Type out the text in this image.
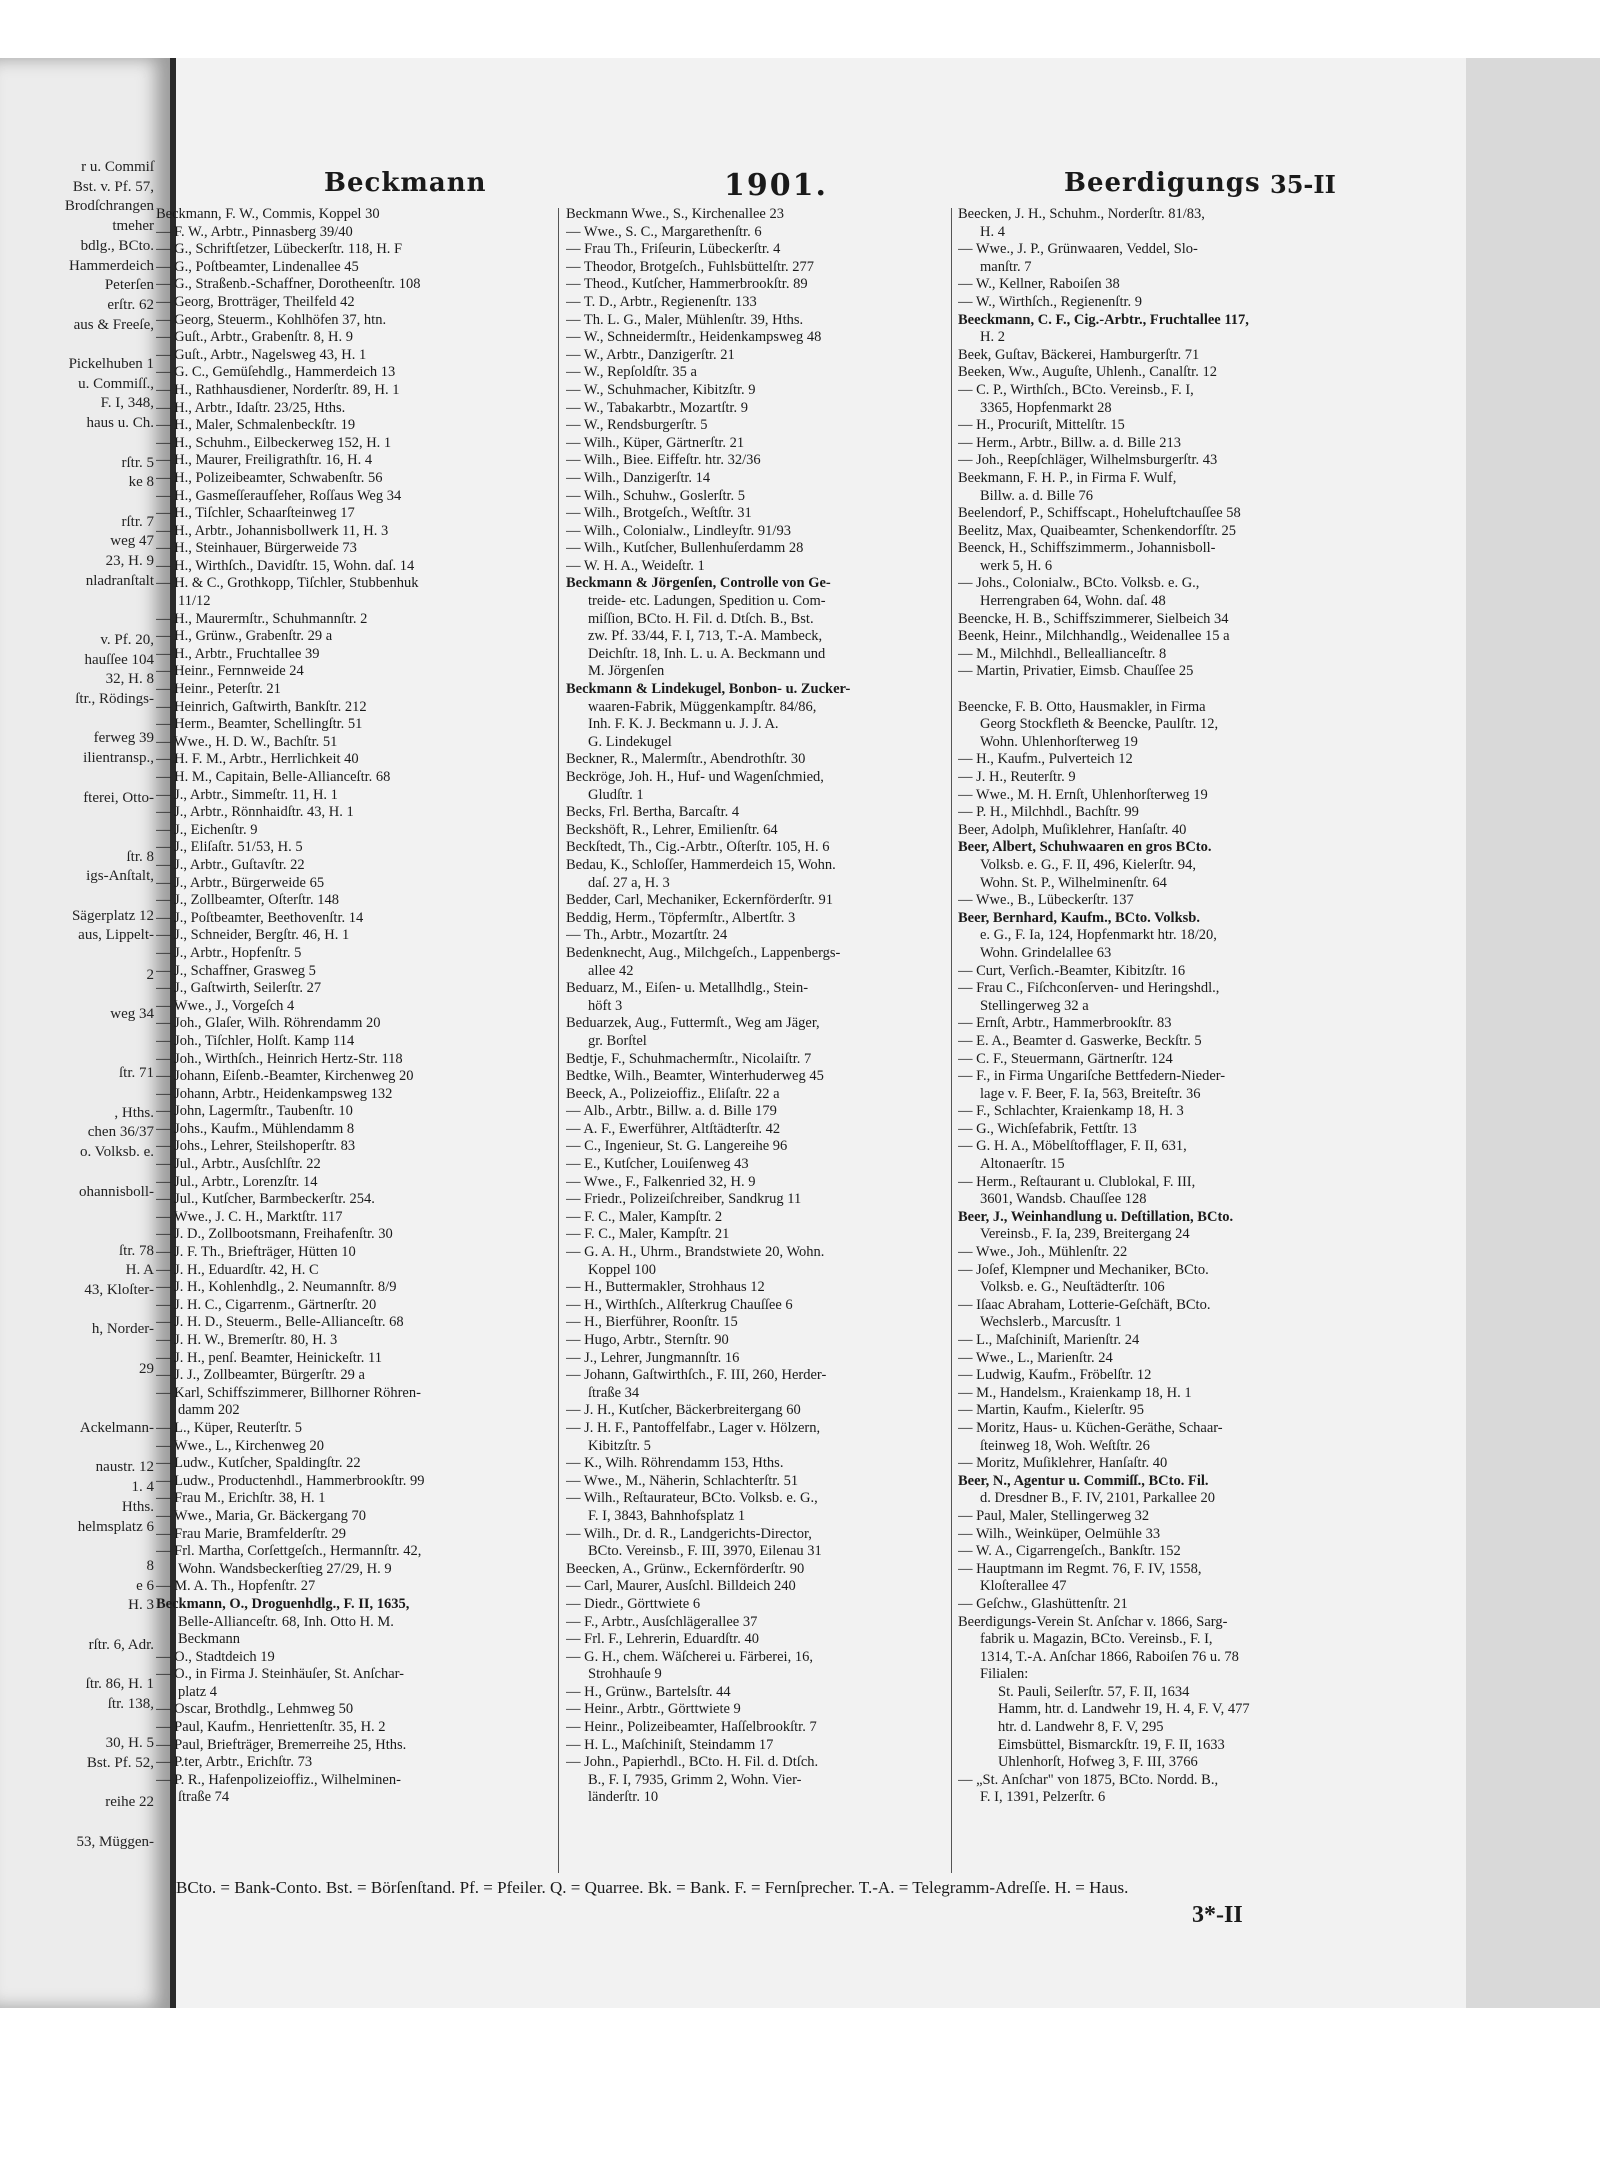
r u. Commiſ
Bst. v. Pf. 57,
Brodſchrangen
tmeher
bdlg., BCto.
Hammerdeich
Peterſen
erſtr. 62
aus & Freeſe,

Pickelhuben 1
u. Commiſſ.,
F. I, 348,
haus u. Ch.

rſtr. 5
ke 8

rſtr. 7
weg 47
23, H. 9
nladranſtalt

v. Pf. 20,
hauſſee 104
32, H. 8
ſtr., Rödings-

ferweg 39
ilientransp.,

fterei, Otto-

ſtr. 8
igs-Anſtalt,

Sägerplatz 12
aus, Lippelt-

2

weg 34

ſtr. 71

, Hths.
chen 36/37
o. Volksb. e.

ohannisboll-

ſtr. 78
H. A
43, Kloſter-

h, Norder-

29

Ackelmann-

naustr. 12
1. 4
Hths.
helmsplatz 6

8
e 6
H. 3

rſtr. 6, Adr.

ſtr. 86, H. 1
ſtr. 138,

30, H. 5
Bst. Pf. 52,

reihe 22

53, Müggen-
Beckmann	1901.	Beerdigungs 35-II
Beckmann, F. W., Commis, Koppel 30
— F. W., Arbtr., Pinnasberg 39/40
— G., Schriftſetzer, Lübeckerſtr. 118, H. F
— G., Poſtbeamter, Lindenallee 45
— G., Straßenb.-Schaffner, Dorotheenſtr. 108
— Georg, Brotträger, Theilfeld 42
— Georg, Steuerm., Kohlhöfen 37, htn.
— Guſt., Arbtr., Grabenſtr. 8, H. 9
— Guſt., Arbtr., Nagelsweg 43, H. 1
— G. C., Gemüſehdlg., Hammerdeich 13
— H., Rathhausdiener, Norderſtr. 89, H. 1
— H., Arbtr., Idaſtr. 23/25, Hths.
— H., Maler, Schmalenbeckſtr. 19
— H., Schuhm., Eilbeckerweg 152, H. 1
— H., Maurer, Freiligrathſtr. 16, H. 4
— H., Polizeibeamter, Schwabenſtr. 56
— H., Gasmeſſeraufſeher, Roſſaus Weg 34
— H., Tiſchler, Schaarſteinweg 17
— H., Arbtr., Johannisbollwerk 11, H. 3
— H., Steinhauer, Bürgerweide 73
— H., Wirthſch., Davidſtr. 15, Wohn. daſ. 14
— H. & C., Grothkopp, Tiſchler, Stubbenhuk
11/12
— H., Maurermſtr., Schuhmannſtr. 2
— H., Grünw., Grabenſtr. 29 a
— H., Arbtr., Fruchtallee 39
— Heinr., Fernnweide 24
— Heinr., Peterſtr. 21
— Heinrich, Gaſtwirth, Bankſtr. 212
— Herm., Beamter, Schellingſtr. 51
— Wwe., H. D. W., Bachſtr. 51
— H. F. M., Arbtr., Herrlichkeit 40
— H. M., Capitain, Belle-Allianceſtr. 68
— J., Arbtr., Simmeſtr. 11, H. 1
— J., Arbtr., Rönnhaidſtr. 43, H. 1
— J., Eichenſtr. 9
— J., Eliſaſtr. 51/53, H. 5
— J., Arbtr., Guſtavſtr. 22
— J., Arbtr., Bürgerweide 65
— J., Zollbeamter, Oſterſtr. 148
— J., Poſtbeamter, Beethovenſtr. 14
— J., Schneider, Bergſtr. 46, H. 1
— J., Arbtr., Hopfenſtr. 5
— J., Schaffner, Grasweg 5
— J., Gaſtwirth, Seilerſtr. 27
— Wwe., J., Vorgeſch 4
— Joh., Glaſer, Wilh. Röhrendamm 20
— Joh., Tiſchler, Holſt. Kamp 114
— Joh., Wirthſch., Heinrich Hertz-Str. 118
— Johann, Eiſenb.-Beamter, Kirchenweg 20
— Johann, Arbtr., Heidenkampsweg 132
— John, Lagermſtr., Taubenſtr. 10
— Johs., Kaufm., Mühlendamm 8
— Johs., Lehrer, Steilshoperſtr. 83
— Jul., Arbtr., Ausſchlſtr. 22
— Jul., Arbtr., Lorenzſtr. 14
— Jul., Kutſcher, Barmbeckerſtr. 254.
— Wwe., J. C. H., Marktſtr. 117
— J. D., Zollbootsmann, Freihafenſtr. 30
— J. F. Th., Briefträger, Hütten 10
— J. H., Eduardſtr. 42, H. C
— J. H., Kohlenhdlg., 2. Neumannſtr. 8/9
— J. H. C., Cigarrenm., Gärtnerſtr. 20
— J. H. D., Steuerm., Belle-Allianceſtr. 68
— J. H. W., Bremerſtr. 80, H. 3
— J. H., penſ. Beamter, Heinickeſtr. 11
— J. J., Zollbeamter, Bürgerſtr. 29 a
— Karl, Schiffszimmerer, Billhorner Röhren-
damm 202
— L., Küper, Reuterſtr. 5
— Wwe., L., Kirchenweg 20
— Ludw., Kutſcher, Spaldingſtr. 22
— Ludw., Productenhdl., Hammerbrookſtr. 99
— Frau M., Erichſtr. 38, H. 1
— Wwe., Maria, Gr. Bäckergang 70
— Frau Marie, Bramfelderſtr. 29
— Frl. Martha, Corſettgeſch., Hermannſtr. 42,
Wohn. Wandsbeckerſtieg 27/29, H. 9
— M. A. Th., Hopfenſtr. 27
Beckmann, O., Droguenhdlg., F. II, 1635,
Belle-Allianceſtr. 68, Inh. Otto H. M.
Beckmann
— O., Stadtdeich 19
— O., in Firma J. Steinhäuſer, St. Anſchar-
platz 4
— Oscar, Brothdlg., Lehmweg 50
— Paul, Kaufm., Henriettenſtr. 35, H. 2
— Paul, Briefträger, Bremerreihe 25, Hths.
— P.ter, Arbtr., Erichſtr. 73
— P. R., Hafenpolizeioffiz., Wilhelminen-
ſtraße 74
Beckmann Wwe., S., Kirchenallee 23
— Wwe., S. C., Margarethenſtr. 6
— Frau Th., Friſeurin, Lübeckerſtr. 4
— Theodor, Brotgeſch., Fuhlsbüttelſtr. 277
— Theod., Kutſcher, Hammerbrookſtr. 89
— T. D., Arbtr., Regienenſtr. 133
— Th. L. G., Maler, Mühlenſtr. 39, Hths.
— W., Schneidermſtr., Heidenkampsweg 48
— W., Arbtr., Danzigerſtr. 21
— W., Repſoldſtr. 35 a
— W., Schuhmacher, Kibitzſtr. 9
— W., Tabakarbtr., Mozartſtr. 9
— W., Rendsburgerſtr. 5
— Wilh., Küper, Gärtnerſtr. 21
— Wilh., Biee. Eiffeſtr. htr. 32/36
— Wilh., Danzigerſtr. 14
— Wilh., Schuhw., Goslerſtr. 5
— Wilh., Brotgeſch., Weſtſtr. 31
— Wilh., Colonialw., Lindleyſtr. 91/93
— Wilh., Kutſcher, Bullenhuſerdamm 28
— W. H. A., Weideſtr. 1
Beckmann & Jörgenſen, Controlle von Ge-
treide- etc. Ladungen, Spedition u. Com-
miſſion, BCto. H. Fil. d. Dtſch. B., Bst.
zw. Pf. 33/44, F. I, 713, T.-A. Mambeck,
Deichſtr. 18, Inh. L. u. A. Beckmann und
M. Jörgenſen
Beckmann & Lindekugel, Bonbon- u. Zucker-
waaren-Fabrik, Müggenkampſtr. 84/86,
Inh. F. K. J. Beckmann u. J. J. A.
G. Lindekugel
Beckner, R., Malermſtr., Abendrothſtr. 30
Beckröge, Joh. H., Huf- und Wagenſchmied,
Gludſtr. 1
Becks, Frl. Bertha, Barcaſtr. 4
Beckshöft, R., Lehrer, Emilienſtr. 64
Beckſtedt, Th., Cig.-Arbtr., Oſterſtr. 105, H. 6
Bedau, K., Schloſſer, Hammerdeich 15, Wohn.
daſ. 27 a, H. 3
Bedder, Carl, Mechaniker, Eckernförderſtr. 91
Beddig, Herm., Töpfermſtr., Albertſtr. 3
— Th., Arbtr., Mozartſtr. 24
Bedenknecht, Aug., Milchgeſch., Lappenbergs-
allee 42
Beduarz, M., Eiſen- u. Metallhdlg., Stein-
höft 3
Beduarzek, Aug., Futtermſt., Weg am Jäger,
gr. Borſtel
Bedtje, F., Schuhmachermſtr., Nicolaiſtr. 7
Bedtke, Wilh., Beamter, Winterhuderweg 45
Beeck, A., Polizeioffiz., Eliſaſtr. 22 a
— Alb., Arbtr., Billw. a. d. Bille 179
— A. F., Ewerführer, Altſtädterſtr. 42
— C., Ingenieur, St. G. Langereihe 96
— E., Kutſcher, Louiſenweg 43
— Wwe., F., Falkenried 32, H. 9
— Friedr., Polizeiſchreiber, Sandkrug 11
— F. C., Maler, Kampſtr. 2
— F. C., Maler, Kampſtr. 21
— G. A. H., Uhrm., Brandstwiete 20, Wohn.
Koppel 100
— H., Buttermakler, Strohhaus 12
— H., Wirthſch., Alſterkrug Chauſſee 6
— H., Bierführer, Roonſtr. 15
— Hugo, Arbtr., Sternſtr. 90
— J., Lehrer, Jungmannſtr. 16
— Johann, Gaſtwirthſch., F. III, 260, Herder-
ſtraße 34
— J. H., Kutſcher, Bäckerbreitergang 60
— J. H. F., Pantoffelfabr., Lager v. Hölzern,
Kibitzſtr. 5
— K., Wilh. Röhrendamm 153, Hths.
— Wwe., M., Näherin, Schlachterſtr. 51
— Wilh., Reſtaurateur, BCto. Volksb. e. G.,
F. I, 3843, Bahnhofsplatz 1
— Wilh., Dr. d. R., Landgerichts-Director,
BCto. Vereinsb., F. III, 3970, Eilenau 31
Beecken, A., Grünw., Eckernförderſtr. 90
— Carl, Maurer, Ausſchl. Billdeich 240
— Diedr., Görttwiete 6
— F., Arbtr., Ausſchlägerallee 37
— Frl. F., Lehrerin, Eduardſtr. 40
— G. H., chem. Wäſcherei u. Färberei, 16,
Strohhauſe 9
— H., Grünw., Bartelsſtr. 44
— Heinr., Arbtr., Görttwiete 9
— Heinr., Polizeibeamter, Haſſelbrookſtr. 7
— H. L., Maſchiniſt, Steindamm 17
— John., Papierhdl., BCto. H. Fil. d. Dtſch.
B., F. I, 7935, Grimm 2, Wohn. Vier-
länderſtr. 10
Beecken, J. H., Schuhm., Norderſtr. 81/83,
H. 4
— Wwe., J. P., Grünwaaren, Veddel, Slo-
manſtr. 7
— W., Kellner, Raboiſen 38
— W., Wirthſch., Regienenſtr. 9
Beeckmann, C. F., Cig.-Arbtr., Fruchtallee 117,
H. 2
Beek, Guſtav, Bäckerei, Hamburgerſtr. 71
Beeken, Ww., Auguſte, Uhlenh., Canalſtr. 12
— C. P., Wirthſch., BCto. Vereinsb., F. I,
3365, Hopfenmarkt 28
— H., Procuriſt, Mittelſtr. 15
— Herm., Arbtr., Billw. a. d. Bille 213
— Joh., Reepſchläger, Wilhelmsburgerſtr. 43
Beekmann, F. H. P., in Firma F. Wulf,
Billw. a. d. Bille 76
Beelendorf, P., Schiffscapt., Hoheluftchauſſee 58
Beelitz, Max, Quaibeamter, Schenkendorfſtr. 25
Beenck, H., Schiffszimmerm., Johannisboll-
werk 5, H. 6
— Johs., Colonialw., BCto. Volksb. e. G.,
Herrengraben 64, Wohn. daſ. 48
Beencke, H. B., Schiffszimmerer, Sielbeich 34
Beenk, Heinr., Milchhandlg., Weidenallee 15 a
— M., Milchhdl., Belleallianceſtr. 8
— Martin, Privatier, Eimsb. Chauſſee 25

Beencke, F. B. Otto, Hausmakler, in Firma
Georg Stockfleth & Beencke, Paulſtr. 12,
Wohn. Uhlenhorſterweg 19
— H., Kaufm., Pulverteich 12
— J. H., Reuterſtr. 9
— Wwe., M. H. Ernſt, Uhlenhorſterweg 19
— P. H., Milchhdl., Bachſtr. 99
Beer, Adolph, Muſiklehrer, Hanſaſtr. 40
Beer, Albert, Schuhwaaren en gros BCto.
Volksb. e. G., F. II, 496, Kielerſtr. 94,
Wohn. St. P., Wilhelminenſtr. 64
— Wwe., B., Lübeckerſtr. 137
Beer, Bernhard, Kaufm., BCto. Volksb.
e. G., F. Ia, 124, Hopfenmarkt htr. 18/20,
Wohn. Grindelallee 63
— Curt, Verſich.-Beamter, Kibitzſtr. 16
— Frau C., Fiſchconſerven- und Heringshdl.,
Stellingerweg 32 a
— Ernſt, Arbtr., Hammerbrookſtr. 83
— E. A., Beamter d. Gaswerke, Beckſtr. 5
— C. F., Steuermann, Gärtnerſtr. 124
— F., in Firma Ungariſche Bettfedern-Nieder-
lage v. F. Beer, F. Ia, 563, Breiteſtr. 36
— F., Schlachter, Kraienkamp 18, H. 3
— G., Wichſefabrik, Fettſtr. 13
— G. H. A., Möbelſtofflager, F. II, 631,
Altonaerſtr. 15
— Herm., Reſtaurant u. Clublokal, F. III,
3601, Wandsb. Chauſſee 128
Beer, J., Weinhandlung u. Deſtillation, BCto.
Vereinsb., F. Ia, 239, Breitergang 24
— Wwe., Joh., Mühlenſtr. 22
— Joſef, Klempner und Mechaniker, BCto.
Volksb. e. G., Neuſtädterſtr. 106
— Iſaac Abraham, Lotterie-Geſchäft, BCto.
Wechslerb., Marcusſtr. 1
— L., Maſchiniſt, Marienſtr. 24
— Wwe., L., Marienſtr. 24
— Ludwig, Kaufm., Fröbelſtr. 12
— M., Handelsm., Kraienkamp 18, H. 1
— Martin, Kaufm., Kielerſtr. 95
— Moritz, Haus- u. Küchen-Geräthe, Schaar-
ſteinweg 18, Woh. Weſtſtr. 26
— Moritz, Muſiklehrer, Hanſaſtr. 40
Beer, N., Agentur u. Commiſſ., BCto. Fil.
d. Dresdner B., F. IV, 2101, Parkallee 20
— Paul, Maler, Stellingerweg 32
— Wilh., Weinküper, Oelmühle 33
— W. A., Cigarrengeſch., Bankſtr. 152
— Hauptmann im Regmt. 76, F. IV, 1558,
Kloſterallee 47
— Geſchw., Glashüttenſtr. 21
Beerdigungs-Verein St. Anſchar v. 1866, Sarg-
fabrik u. Magazin, BCto. Vereinsb., F. I,
1314, T.-A. Anſchar 1866, Raboiſen 76 u. 78
Filialen:
St. Pauli, Seilerſtr. 57, F. II, 1634
Hamm, htr. d. Landwehr 19, H. 4, F. V, 477
htr. d. Landwehr 8, F. V, 295
Eimsbüttel, Bismarckſtr. 19, F. II, 1633
Uhlenhorſt, Hofweg 3, F. III, 3766
— „St. Anſchar" von 1875, BCto. Nordd. B.,
F. I, 1391, Pelzerſtr. 6
BCto. = Bank-Conto. Bst. = Börſenſtand. Pf. = Pfeiler. Q. = Quarree. Bk. = Bank. F. = Fernſprecher. T.-A. = Telegramm-Adreſſe. H. = Haus.
3*-II
